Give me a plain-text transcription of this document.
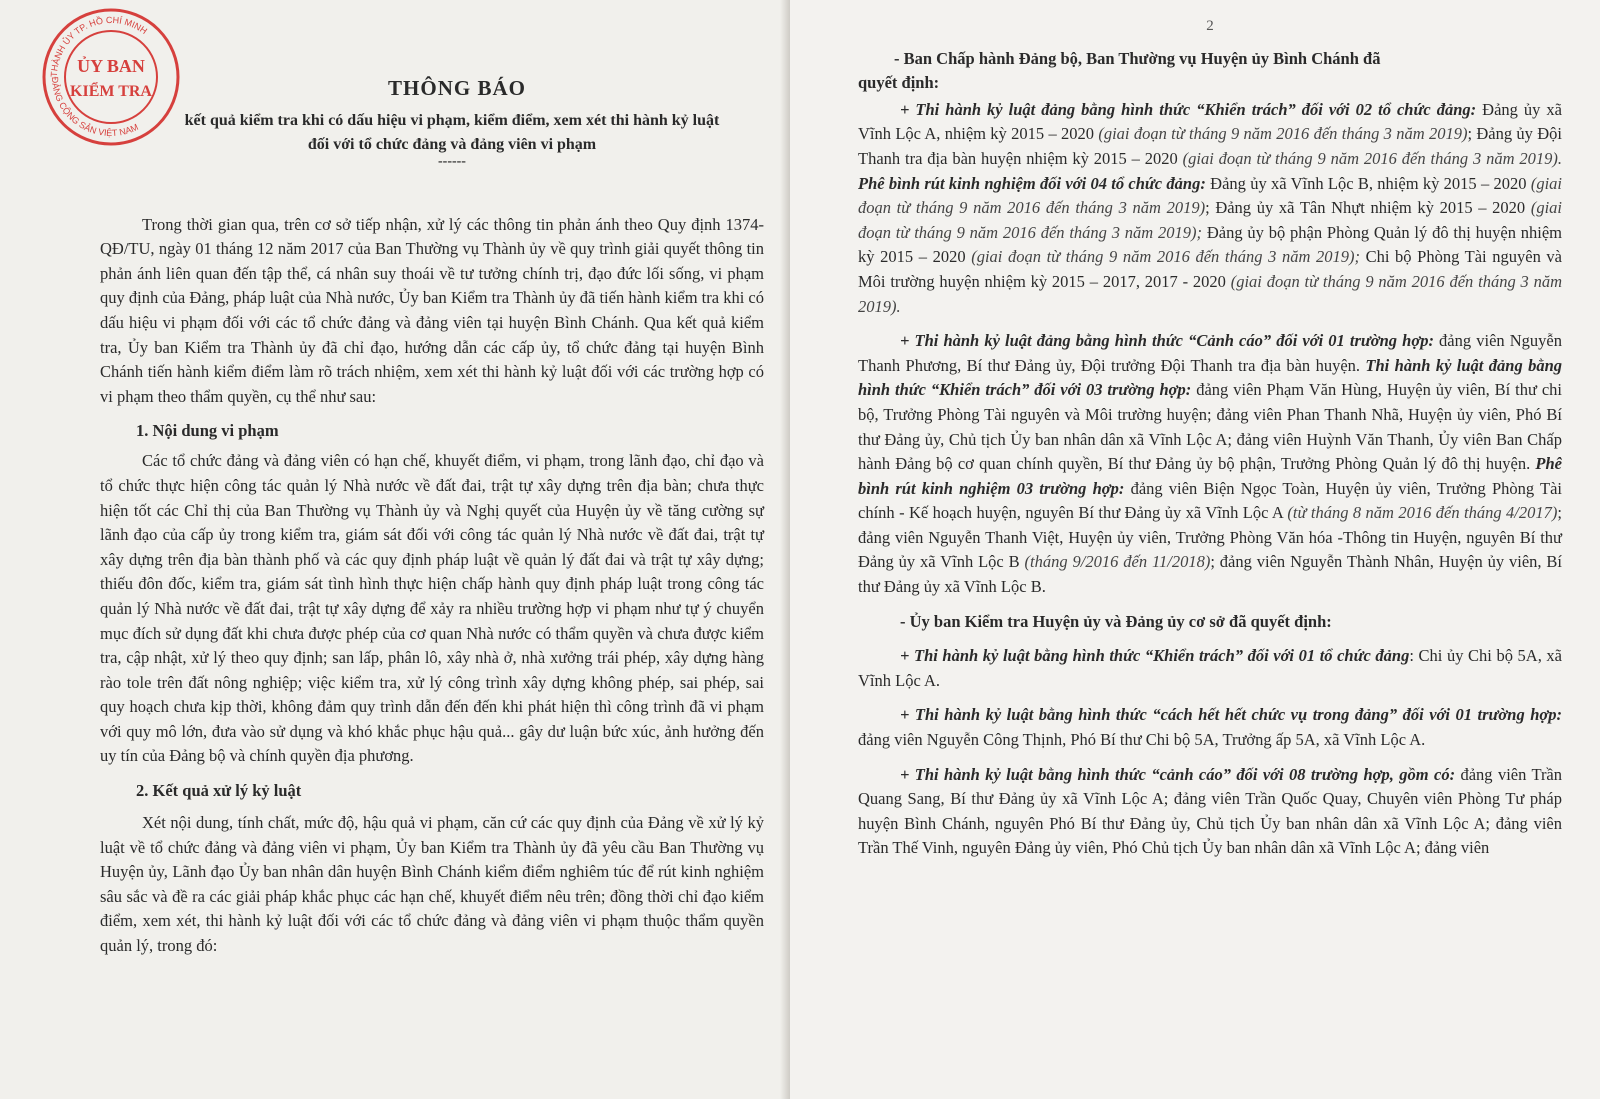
THÔNG BÁO

kết quả kiểm tra khi có dấu hiệu vi phạm, kiểm điểm, xem xét thi hành kỷ luật

đối với tổ chức đảng và đảng viên vi phạm

------

Trong thời gian qua, trên cơ sở tiếp nhận, xử lý các thông tin phản ánh theo Quy định 1374-QĐ/TU, ngày 01 tháng 12 năm 2017 của Ban Thường vụ Thành ủy về quy trình giải quyết thông tin phản ánh liên quan đến tập thể, cá nhân suy thoái về tư tưởng chính trị, đạo đức lối sống, vi phạm quy định của Đảng, pháp luật của Nhà nước, Ủy ban Kiểm tra Thành ủy đã tiến hành kiểm tra khi có dấu hiệu vi phạm đối với các tổ chức đảng và đảng viên tại huyện Bình Chánh. Qua kết quả kiểm tra, Ủy ban Kiểm tra Thành ủy đã chỉ đạo, hướng dẫn các cấp ủy, tổ chức đảng tại huyện Bình Chánh tiến hành kiểm điểm làm rõ trách nhiệm, xem xét thi hành kỷ luật đối với các trường hợp có vi phạm theo thẩm quyền, cụ thể như sau:

1. Nội dung vi phạm

Các tổ chức đảng và đảng viên có hạn chế, khuyết điểm, vi phạm, trong lãnh đạo, chỉ đạo và tổ chức thực hiện công tác quản lý Nhà nước về đất đai, trật tự xây dựng trên địa bàn; chưa thực hiện tốt các Chỉ thị của Ban Thường vụ Thành ủy và Nghị quyết của Huyện ủy về tăng cường sự lãnh đạo của cấp ủy trong kiểm tra, giám sát đối với công tác quản lý Nhà nước về đất đai, trật tự xây dựng trên địa bàn thành phố và các quy định pháp luật về quản lý đất đai và trật tự xây dựng; thiếu đôn đốc, kiểm tra, giám sát tình hình thực hiện chấp hành quy định pháp luật trong công tác quản lý Nhà nước về đất đai, trật tự xây dựng để xảy ra nhiều trường hợp vi phạm như tự ý chuyển mục đích sử dụng đất khi chưa được phép của cơ quan Nhà nước có thẩm quyền và chưa được kiểm tra, cập nhật, xử lý theo quy định; san lấp, phân lô, xây nhà ở, nhà xưởng trái phép, xây dựng hàng rào tole trên đất nông nghiệp; việc kiểm tra, xử lý công trình xây dựng không phép, sai phép, sai quy hoạch chưa kịp thời, không đảm quy trình dẫn đến đến khi phát hiện thì công trình đã vi phạm với quy mô lớn, đưa vào sử dụng và khó khắc phục hậu quả... gây dư luận bức xúc, ảnh hưởng đến uy tín của Đảng bộ và chính quyền địa phương.

2. Kết quả xử lý kỷ luật

Xét nội dung, tính chất, mức độ, hậu quả vi phạm, căn cứ các quy định của Đảng về xử lý kỷ luật về tổ chức đảng và đảng viên vi phạm, Ủy ban Kiểm tra Thành ủy đã yêu cầu Ban Thường vụ Huyện ủy, Lãnh đạo Ủy ban nhân dân huyện Bình Chánh kiểm điểm nghiêm túc để rút kinh nghiệm sâu sắc và đề ra các giải pháp khắc phục các hạn chế, khuyết điểm nêu trên; đồng thời chỉ đạo kiểm điểm, xem xét, thi hành kỷ luật đối với các tổ chức đảng và đảng viên vi phạm thuộc thẩm quyền quản lý, trong đó:

THÀNH ỦY TP. HỒ CHÍ MINH
ĐẢNG CỘNG SẢN VIỆT NAM
ỦY BAN
KIỂM TRA

2

- Ban Chấp hành Đảng bộ, Ban Thường vụ Huyện ủy Bình Chánh đã
quyết định:

+ Thi hành kỷ luật đảng bằng hình thức “Khiển trách” đối với 02 tổ chức đảng: Đảng ủy xã Vĩnh Lộc A, nhiệm kỳ 2015 – 2020 (giai đoạn từ tháng 9 năm 2016 đến tháng 3 năm 2019); Đảng ủy Đội Thanh tra địa bàn huyện nhiệm kỳ 2015 – 2020 (giai đoạn từ tháng 9 năm 2016 đến tháng 3 năm 2019). Phê bình rút kinh nghiệm đối với 04 tổ chức đảng: Đảng ủy xã Vĩnh Lộc B, nhiệm kỳ 2015 – 2020 (giai đoạn từ tháng 9 năm 2016 đến tháng 3 năm 2019); Đảng ủy xã Tân Nhựt nhiệm kỳ 2015 – 2020 (giai đoạn từ tháng 9 năm 2016 đến tháng 3 năm 2019); Đảng ủy bộ phận Phòng Quản lý đô thị huyện nhiệm kỳ 2015 – 2020 (giai đoạn từ tháng 9 năm 2016 đến tháng 3 năm 2019); Chi bộ Phòng Tài nguyên và Môi trường huyện nhiệm kỳ 2015 – 2017, 2017 - 2020 (giai đoạn từ tháng 9 năm 2016 đến tháng 3 năm 2019).

+ Thi hành kỷ luật đảng bằng hình thức “Cảnh cáo” đối với 01 trường hợp: đảng viên Nguyễn Thanh Phương, Bí thư Đảng ủy, Đội trưởng Đội Thanh tra địa bàn huyện. Thi hành kỷ luật đảng bằng hình thức “Khiển trách” đối với 03 trường hợp: đảng viên Phạm Văn Hùng, Huyện ủy viên, Bí thư chi bộ, Trưởng Phòng Tài nguyên và Môi trường huyện; đảng viên Phan Thanh Nhã, Huyện ủy viên, Phó Bí thư Đảng ủy, Chủ tịch Ủy ban nhân dân xã Vĩnh Lộc A; đảng viên Huỳnh Văn Thanh, Ủy viên Ban Chấp hành Đảng bộ cơ quan chính quyền, Bí thư Đảng ủy bộ phận, Trưởng Phòng Quản lý đô thị huyện. Phê bình rút kinh nghiệm 03 trường hợp: đảng viên Biện Ngọc Toàn, Huyện ủy viên, Trưởng Phòng Tài chính - Kế hoạch huyện, nguyên Bí thư Đảng ủy xã Vĩnh Lộc A (từ tháng 8 năm 2016 đến tháng 4/2017); đảng viên Nguyễn Thanh Việt, Huyện ủy viên, Trưởng Phòng Văn hóa -Thông tin Huyện, nguyên Bí thư Đảng ủy xã Vĩnh Lộc B (tháng 9/2016 đến 11/2018); đảng viên Nguyễn Thành Nhân, Huyện ủy viên, Bí thư Đảng ủy xã Vĩnh Lộc B.

- Ủy ban Kiểm tra Huyện ủy và Đảng ủy cơ sở đã quyết định:

+ Thi hành kỷ luật bằng hình thức “Khiển trách” đối với 01 tổ chức đảng: Chi ủy Chi bộ 5A, xã Vĩnh Lộc A.

+ Thi hành kỷ luật bằng hình thức “cách hết hết chức vụ trong đảng” đối với 01 trường hợp: đảng viên Nguyễn Công Thịnh, Phó Bí thư Chi bộ 5A, Trưởng ấp 5A, xã Vĩnh Lộc A.

+ Thi hành kỷ luật bằng hình thức “cảnh cáo” đối với 08 trường hợp, gồm có: đảng viên Trần Quang Sang, Bí thư Đảng ủy xã Vĩnh Lộc A; đảng viên Trần Quốc Quay, Chuyên viên Phòng Tư pháp huyện Bình Chánh, nguyên Phó Bí thư Đảng ủy, Chủ tịch Ủy ban nhân dân xã Vĩnh Lộc A; đảng viên Trần Thế Vinh, nguyên Đảng ủy viên, Phó Chủ tịch Ủy ban nhân dân xã Vĩnh Lộc A; đảng viên
